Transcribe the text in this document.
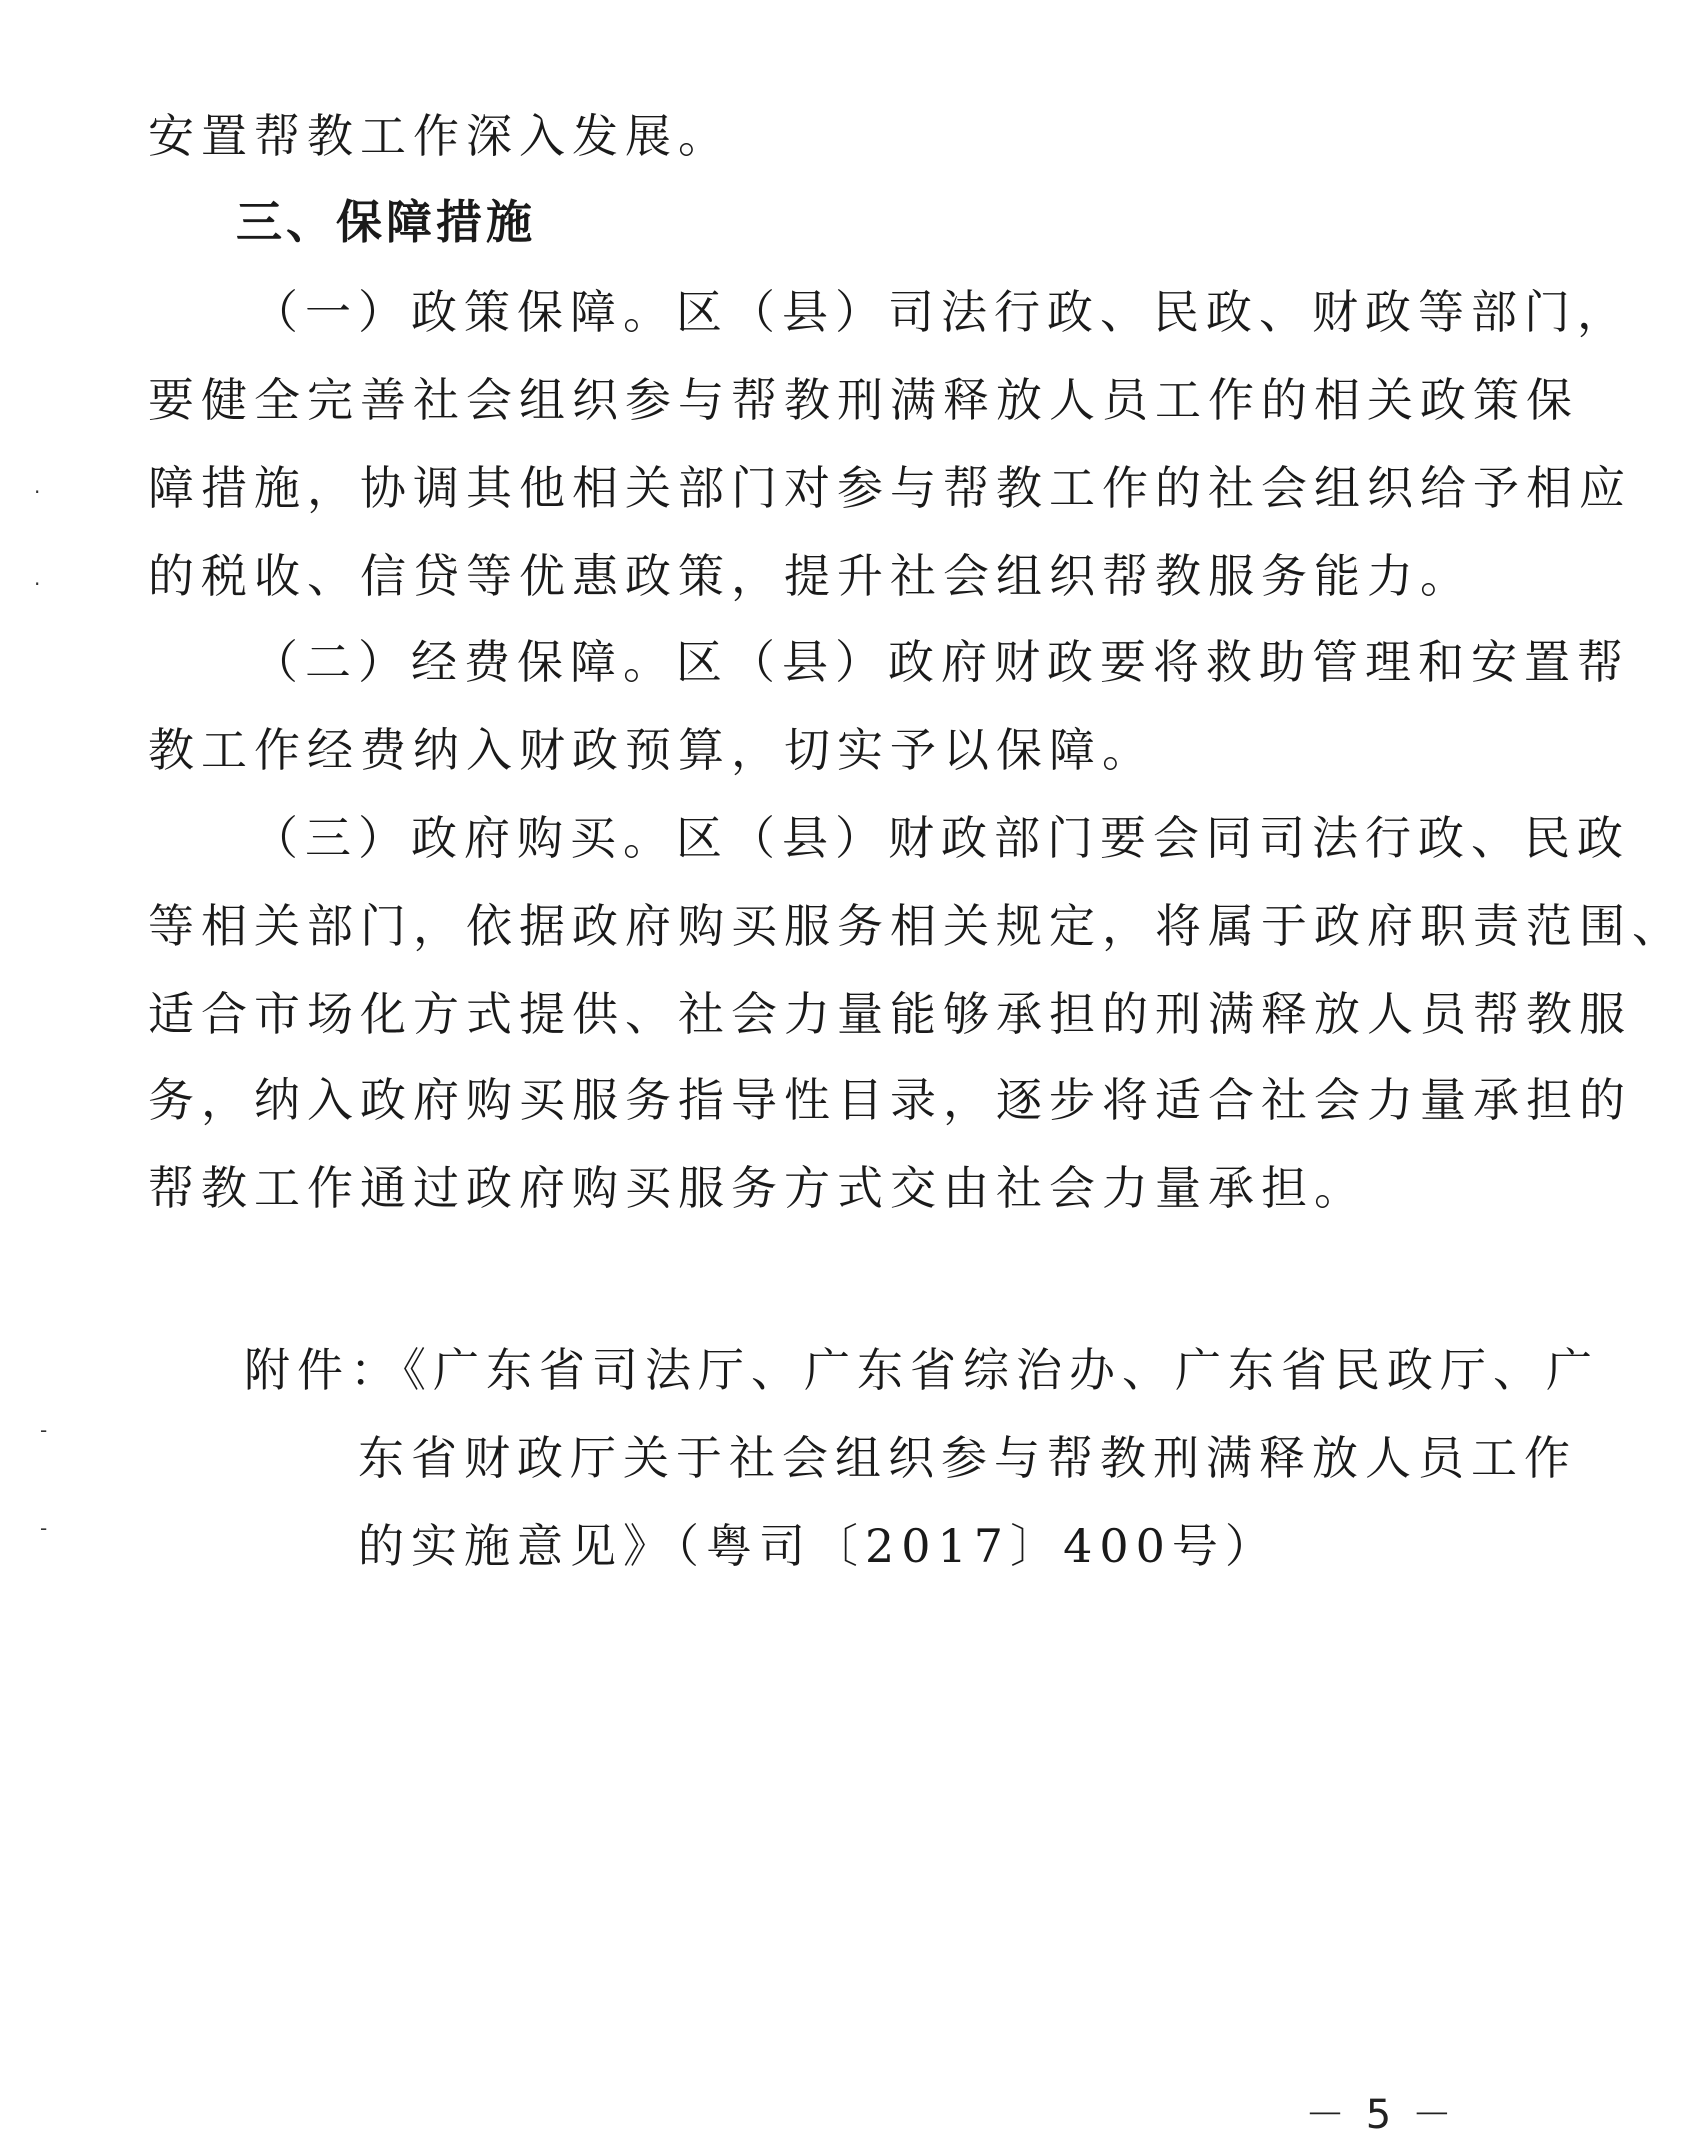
安置帮教工作深入发展。
三、保障措施
（一）政策保障。区（县）司法行政、民政、财政等部门，
要健全完善社会组织参与帮教刑满释放人员工作的相关政策保
障措施，协调其他相关部门对参与帮教工作的社会组织给予相应
的税收、信贷等优惠政策，提升社会组织帮教服务能力。
（二）经费保障。区（县）政府财政要将救助管理和安置帮
教工作经费纳入财政预算，切实予以保障。
（三）政府购买。区（县）财政部门要会同司法行政、民政
等相关部门，依据政府购买服务相关规定，将属于政府职责范围、
适合市场化方式提供、社会力量能够承担的刑满释放人员帮教服
务，纳入政府购买服务指导性目录，逐步将适合社会力量承担的
帮教工作通过政府购买服务方式交由社会力量承担。
附件：《广东省司法厅、广东省综治办、广东省民政厅、广
东省财政厅关于社会组织参与帮教刑满释放人员工作
的实施意见》（粤司〔2017〕400号）
·
·
-
-
－ 5 －
